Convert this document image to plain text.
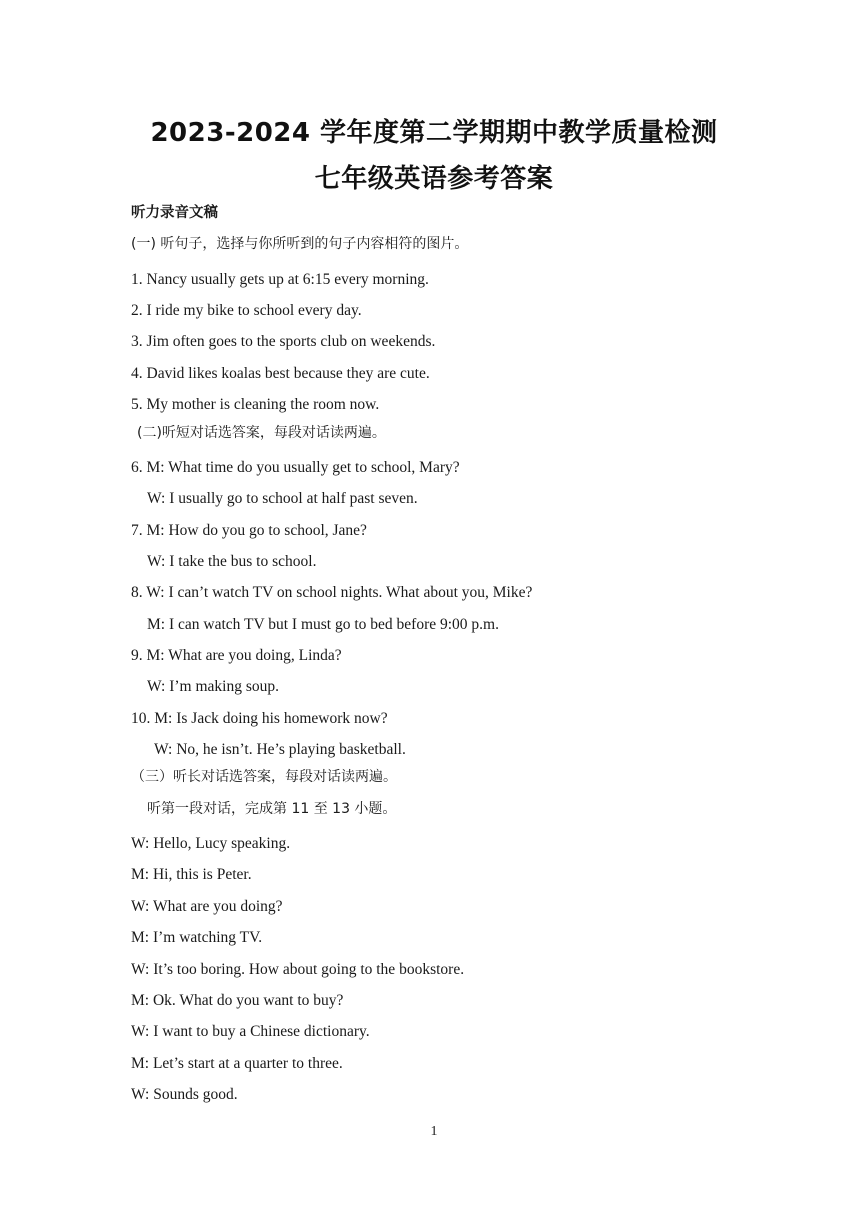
2023-2024 学年度第二学期期中教学质量检测
七年级英语参考答案
听力录音文稿
(一) 听句子，选择与你所听到的句子内容相符的图片。
1. Nancy usually gets up at 6:15 every morning.
2. I ride my bike to school every day.
3. Jim often goes to the sports club on weekends.
4. David likes koalas best because they are cute.
5. My mother is cleaning the room now.
(二)听短对话选答案，每段对话读两遍。
6. M: What time do you usually get to school, Mary?
W: I usually go to school at half past seven.
7. M: How do you go to school, Jane?
W: I take the bus to school.
8. W: I can’t watch TV on school nights. What about you, Mike?
M: I can watch TV but I must go to bed before 9:00 p.m.
9. M: What are you doing, Linda?
W: I’m making soup.
10. M: Is Jack doing his homework now?
W: No, he isn’t. He’s playing basketball.
（三）听长对话选答案，每段对话读两遍。
听第一段对话，完成第 11 至 13 小题。
W: Hello, Lucy speaking.
M: Hi, this is Peter.
W: What are you doing?
M: I’m watching TV.
W: It’s too boring. How about going to the bookstore.
M: Ok. What do you want to buy?
W: I want to buy a Chinese dictionary.
M: Let’s start at a quarter to three.
W: Sounds good.
1
